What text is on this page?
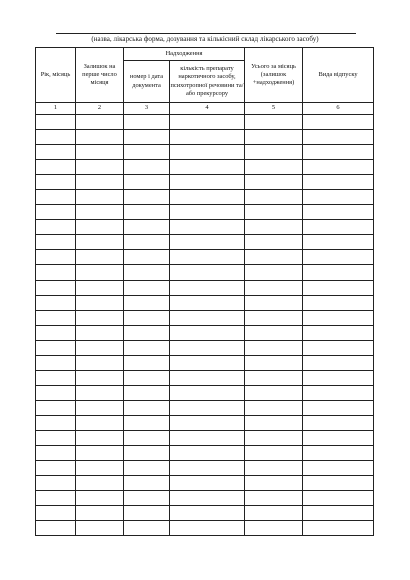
(назва, лікарська форма, дозування та кількісний склад лікарського засобу)
Рік, місяць	Залишок на перше число місяця	Надходження		Усього за місяць (залишок +надходження)	Вида відпуску
		номер і дата документа	кількість препарату наркотичного засобу, психотропної речовини та/або прекурсору		
1	2	3	4	5	6
